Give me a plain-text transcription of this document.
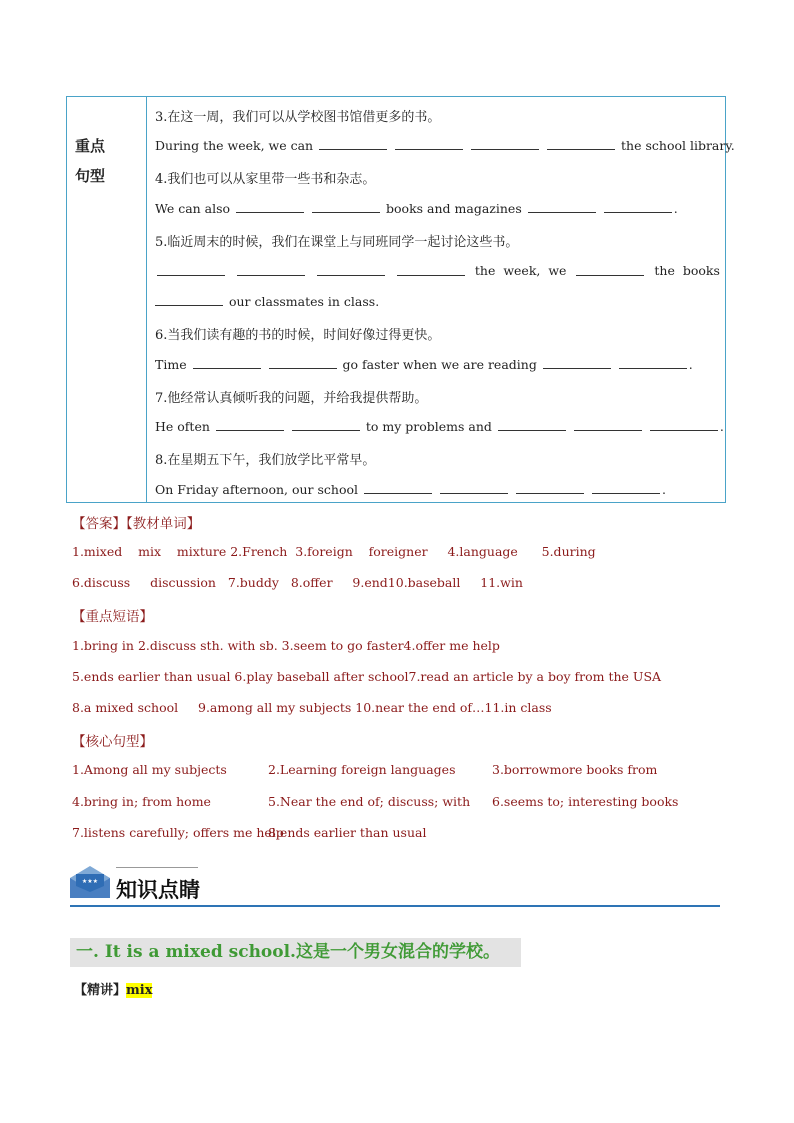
重点
句型
3.在这一周，我们可以从学校图书馆借更多的书。
During the week, we can	the school library.
4.我们也可以从家里带一些书和杂志。
We can also	books and magazines	.
5.临近周末的时候，我们在课堂上与同班同学一起讨论这些书。
the week, we	the books
our classmates in class.
6.当我们读有趣的书的时候，时间好像过得更快。
Time	go faster when we are reading	.
7.他经常认真倾听我的问题，并给我提供帮助。
He often	to my problems and	.
8.在星期五下午，我们放学比平常早。
On Friday afternoon, our school	.
【答案】【教材单词】
1.mixed    mix    mixture 2.French  3.foreign    foreigner     4.language      5.during
6.discuss     discussion   7.buddy   8.offer     9.end10.baseball     11.win
【重点短语】
1.bring in 2.discuss sth. with sb. 3.seem to go faster4.offer me help
5.ends earlier than usual 6.play baseball after school7.read an article by a boy from the USA
8.a mixed school     9.among all my subjects 10.near the end of…11.in class
【核心句型】
1.Among all my subjects	2.Learning foreign languages	3.borrowmore books from
4.bring in; from home	5.Near the end of; discuss; with 6.seems to; interesting books
7.listens carefully; offers me help
8.ends earlier than usual
★★★ 知识点睛
一. It is a mixed school.这是一个男女混合的学校。
【精讲】mix
